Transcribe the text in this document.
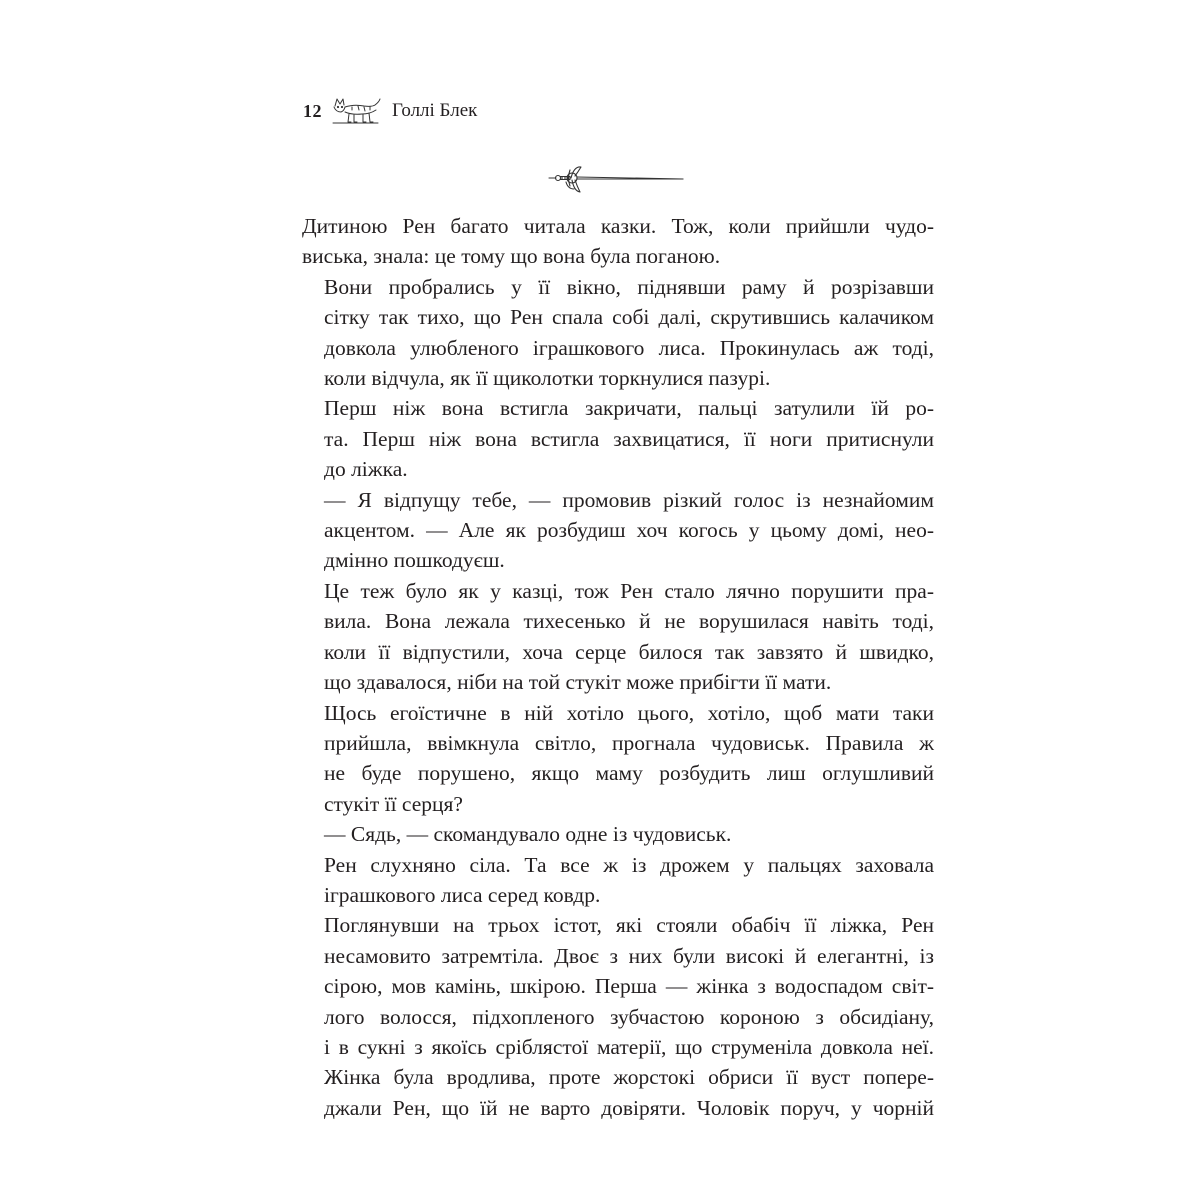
12	Голлі Блек

Дитиною Рен багато читала казки. Тож, коли прийшли чудо-
виська, знала: це тому що вона була поганою.

Вони пробрались у її вікно, піднявши раму й розрізавши
сітку так тихо, що Рен спала собі далі, скрутившись калачиком
довкола улюбленого іграшкового лиса. Прокинулась аж тоді,
коли відчула, як її щиколотки торкнулися пазурі.

Перш ніж вона встигла закричати, пальці затулили їй ро-
та. Перш ніж вона встигла захвицатися, її ноги притиснули
до ліжка.

— Я відпущу тебе, — промовив різкий голос із незнайомим
акцентом. — Але як розбудиш хоч когось у цьому домі, нео-
дмінно пошкодуєш.

Це теж було як у казці, тож Рен стало лячно порушити пра-
вила. Вона лежала тихесенько й не ворушилася навіть тоді,
коли її відпустили, хоча серце билося так завзято й швидко,
що здавалося, ніби на той стукіт може прибігти її мати.

Щось егоїстичне в ній хотіло цього, хотіло, щоб мати таки
прийшла, ввімкнула світло, прогнала чудовиськ. Правила ж
не буде порушено, якщо маму розбудить лиш оглушливий
стукіт її серця?

— Сядь, — скомандувало одне із чудовиськ.

Рен слухняно сіла. Та все ж із дрожем у пальцях заховала
іграшкового лиса серед ковдр.

Поглянувши на трьох істот, які стояли обабіч її ліжка, Рен
несамовито затремтіла. Двоє з них були високі й елегантні, із
сірою, мов камінь, шкірою. Перша — жінка з водоспадом світ-
лого волосся, підхопленого зубчастою короною з обсидіану,
і в сукні з якоїсь сріблястої матерії, що струменіла довкола неї.
Жінка була вродлива, проте жорстокі обриси її вуст попере-
джали Рен, що їй не варто довіряти. Чоловік поруч, у чорній
